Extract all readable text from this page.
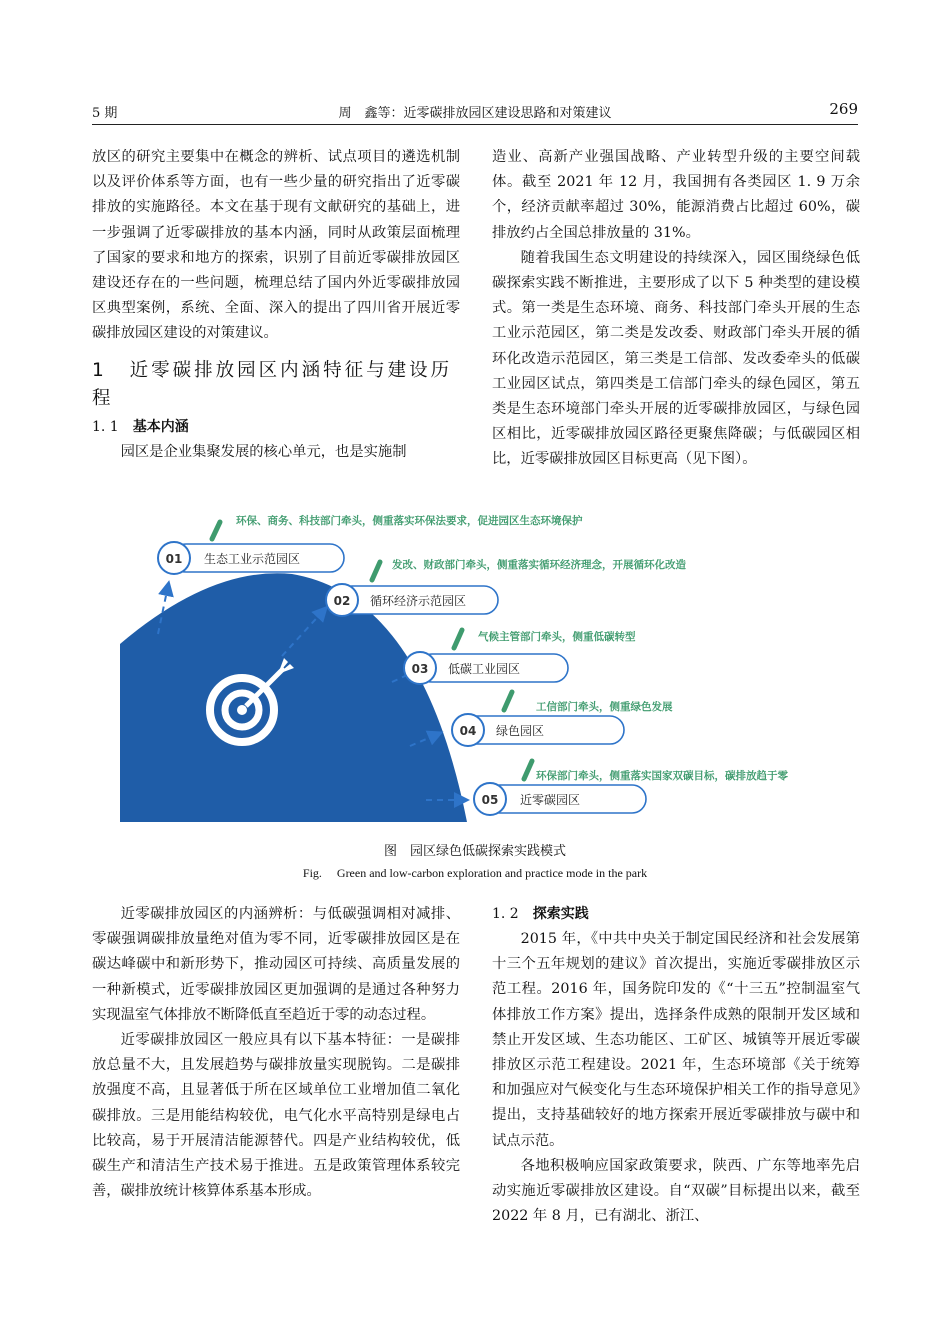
5 期	周　鑫等：近零碳排放园区建设思路和对策建议	269

放区的研究主要集中在概念的辨析、试点项目的遴选机制以及评价体系等方面，也有一些少量的研究指出了近零碳排放的实施路径。本文在基于现有文献研究的基础上，进一步强调了近零碳排放的基本内涵，同时从政策层面梳理了国家的要求和地方的探索，识别了目前近零碳排放园区建设还存在的一些问题，梳理总结了国内外近零碳排放园区典型案例，系统、全面、深入的提出了四川省开展近零碳排放园区建设的对策建议。

1 近零碳排放园区内涵特征与建设历程
1. 1 基本内涵

园区是企业集聚发展的核心单元，也是实施制

造业、高新产业强国战略、产业转型升级的主要空间载体。截至 2021 年 12 月，我国拥有各类园区 1. 9 万余个，经济贡献率超过 30%，能源消费占比超过 60%，碳排放约占全国总排放量的 31%。

随着我国生态文明建设的持续深入，园区围绕绿色低碳探索实践不断推进，主要形成了以下 5 种类型的建设模式。第一类是生态环境、商务、科技部门牵头开展的生态工业示范园区，第二类是发改委、财政部门牵头开展的循环化改造示范园区，第三类是工信部、发改委牵头的低碳工业园区试点，第四类是工信部门牵头的绿色园区，第五类是生态环境部门牵头开展的近零碳排放园区，与绿色园区相比，近零碳排放园区路径更聚焦降碳；与低碳园区相比，近零碳排放园区目标更高（见下图）。

01 生态工业示范园区
环保、商务、科技部门牵头，侧重落实环保法要求，促进园区生态环境保护
02 循环经济示范园区
发改、财政部门牵头，侧重落实循环经济理念，开展循环化改造
03 低碳工业园区
气候主管部门牵头，侧重低碳转型
04 绿色园区
工信部门牵头，侧重绿色发展
05 近零碳园区
环保部门牵头，侧重落实国家双碳目标，碳排放趋于零
图　园区绿色低碳探索实践模式
Fig.　 Green and low-carbon exploration and practice mode in the park

近零碳排放园区的内涵辨析：与低碳强调相对减排、零碳强调碳排放量绝对值为零不同，近零碳排放园区是在碳达峰碳中和新形势下，推动园区可持续、高质量发展的一种新模式，近零碳排放园区更加强调的是通过各种努力实现温室气体排放不断降低直至趋近于零的动态过程。

近零碳排放园区一般应具有以下基本特征：一是碳排放总量不大，且发展趋势与碳排放量实现脱钩。二是碳排放强度不高，且显著低于所在区域单位工业增加值二氧化碳排放。三是用能结构较优，电气化水平高特别是绿电占比较高，易于开展清洁能源替代。四是产业结构较优，低碳生产和清洁生产技术易于推进。五是政策管理体系较完善，碳排放统计核算体系基本形成。

1. 2 探索实践

2015 年，《中共中央关于制定国民经济和社会发展第十三个五年规划的建议》首次提出，实施近零碳排放区示范工程。2016 年，国务院印发的《“十三五”控制温室气体排放工作方案》提出，选择条件成熟的限制开发区域和禁止开发区域、生态功能区、工矿区、城镇等开展近零碳排放区示范工程建设。2021 年，生态环境部《关于统筹和加强应对气候变化与生态环境保护相关工作的指导意见》提出，支持基础较好的地方探索开展近零碳排放与碳中和试点示范。

各地积极响应国家政策要求，陕西、广东等地率先启动实施近零碳排放区建设。自“双碳”目标提出以来，截至 2022 年 8 月，已有湖北、浙江、
